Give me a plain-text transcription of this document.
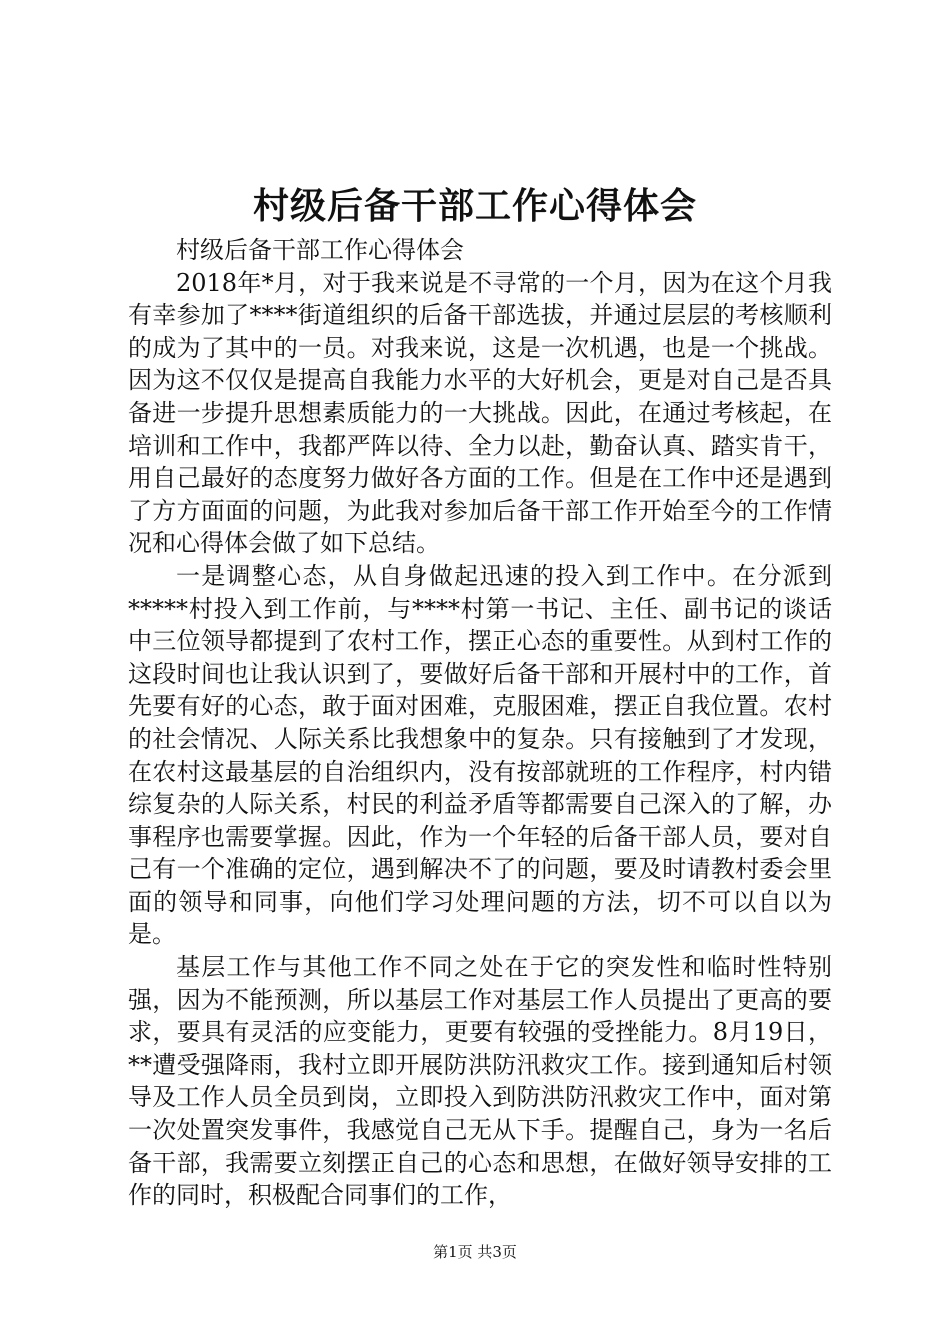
村级后备干部工作心得体会

村级后备干部工作心得体会

2018年*月，对于我来说是不寻常的一个月，因为在这个月我有幸参加了****街道组织的后备干部选拔，并通过层层的考核顺利的成为了其中的一员。对我来说，这是一次机遇，也是一个挑战。因为这不仅仅是提高自我能力水平的大好机会，更是对自己是否具备进一步提升思想素质能力的一大挑战。因此，在通过考核起，在培训和工作中，我都严阵以待、全力以赴，勤奋认真、踏实肯干，用自己最好的态度努力做好各方面的工作。但是在工作中还是遇到了方方面面的问题，为此我对参加后备干部工作开始至今的工作情况和心得体会做了如下总结。

一是调整心态，从自身做起迅速的投入到工作中。在分派到*****村投入到工作前，与****村第一书记、主任、副书记的谈话中三位领导都提到了农村工作，摆正心态的重要性。从到村工作的这段时间也让我认识到了，要做好后备干部和开展村中的工作，首先要有好的心态，敢于面对困难，克服困难，摆正自我位置。农村的社会情况、人际关系比我想象中的复杂。只有接触到了才发现，在农村这最基层的自治组织内，没有按部就班的工作程序，村内错综复杂的人际关系，村民的利益矛盾等都需要自己深入的了解，办事程序也需要掌握。因此，作为一个年轻的后备干部人员，要对自己有一个准确的定位，遇到解决不了的问题，要及时请教村委会里面的领导和同事，向他们学习处理问题的方法，切不可以自以为是。

基层工作与其他工作不同之处在于它的突发性和临时性特别强，因为不能预测，所以基层工作对基层工作人员提出了更高的要求，要具有灵活的应变能力，更要有较强的受挫能力。8月19日，**遭受强降雨，我村立即开展防洪防汛救灾工作。接到通知后村领导及工作人员全员到岗，立即投入到防洪防汛救灾工作中，面对第一次处置突发事件，我感觉自己无从下手。提醒自己，身为一名后备干部，我需要立刻摆正自己的心态和思想，在做好领导安排的工作的同时，积极配合同事们的工作，

第1页 共3页
